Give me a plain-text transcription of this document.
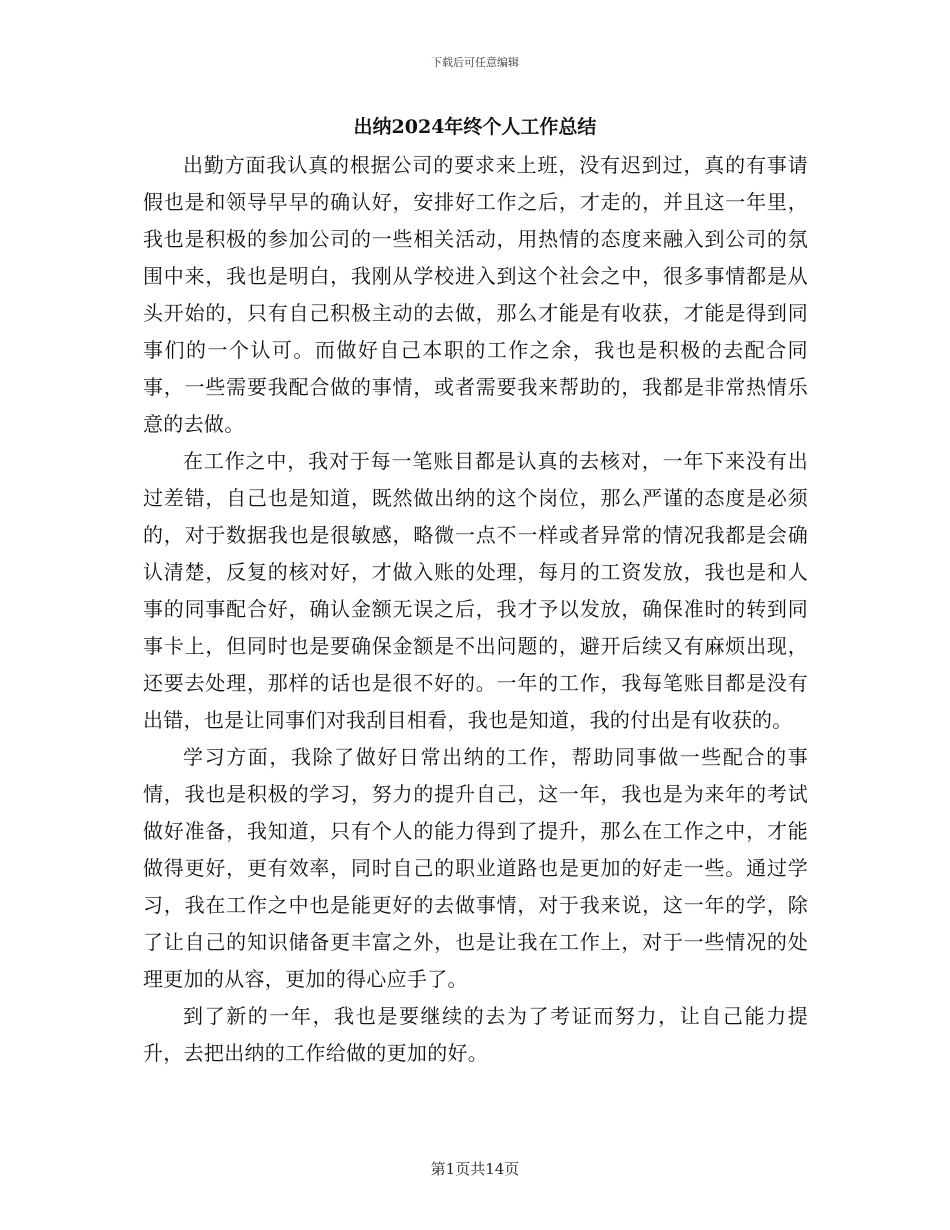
下载后可任意编辑
出纳2024年终个人工作总结

出勤方面我认真的根据公司的要求来上班，没有迟到过，真的有事请假也是和领导早早的确认好，安排好工作之后，才走的，并且这一年里，我也是积极的参加公司的一些相关活动，用热情的态度来融入到公司的氛围中来，我也是明白，我刚从学校进入到这个社会之中，很多事情都是从头开始的，只有自己积极主动的去做，那么才能是有收获，才能是得到同事们的一个认可。而做好自己本职的工作之余，我也是积极的去配合同事，一些需要我配合做的事情，或者需要我来帮助的，我都是非常热情乐意的去做。

在工作之中，我对于每一笔账目都是认真的去核对，一年下来没有出过差错，自己也是知道，既然做出纳的这个岗位，那么严谨的态度是必须的，对于数据我也是很敏感，略微一点不一样或者异常的情况我都是会确认清楚，反复的核对好，才做入账的处理，每月的工资发放，我也是和人事的同事配合好，确认金额无误之后，我才予以发放，确保准时的转到同事卡上，但同时也是要确保金额是不出问题的，避开后续又有麻烦出现，还要去处理，那样的话也是很不好的。一年的工作，我每笔账目都是没有出错，也是让同事们对我刮目相看，我也是知道，我的付出是有收获的。

学习方面，我除了做好日常出纳的工作，帮助同事做一些配合的事情，我也是积极的学习，努力的提升自己，这一年，我也是为来年的考试做好准备，我知道，只有个人的能力得到了提升，那么在工作之中，才能做得更好，更有效率，同时自己的职业道路也是更加的好走一些。通过学习，我在工作之中也是能更好的去做事情，对于我来说，这一年的学，除了让自己的知识储备更丰富之外，也是让我在工作上，对于一些情况的处理更加的从容，更加的得心应手了。

到了新的一年，我也是要继续的去为了考证而努力，让自己能力提升，去把出纳的工作给做的更加的好。

第1页共14页
